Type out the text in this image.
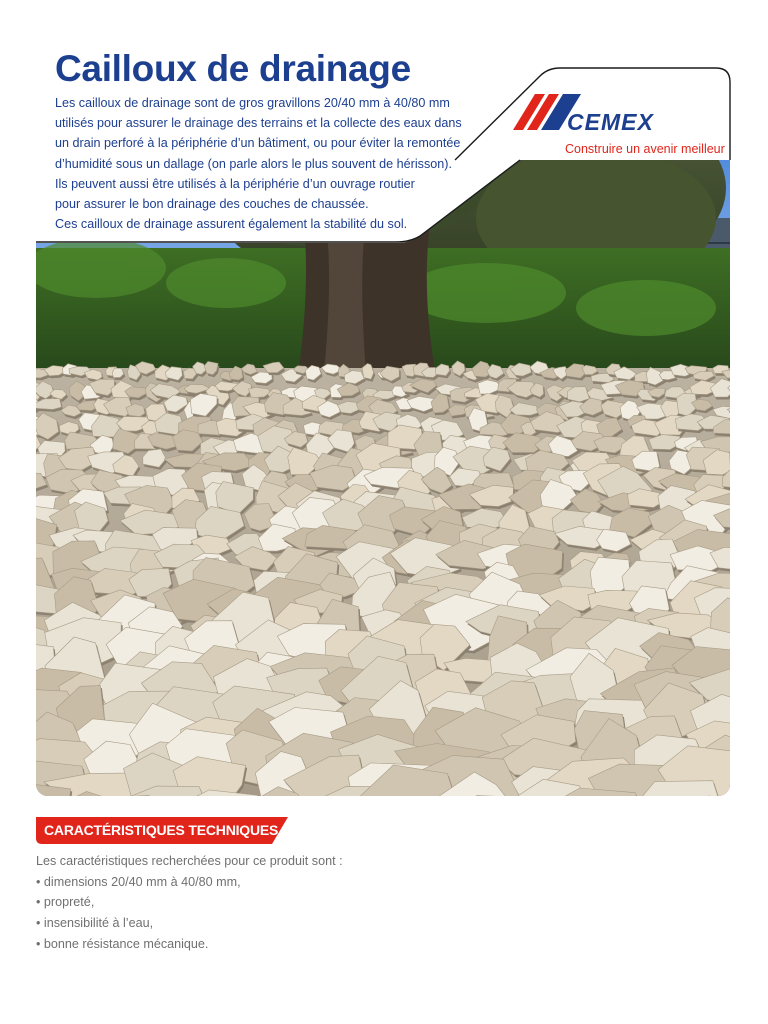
Cailloux de drainage

Les cailloux de drainage sont de gros gravillons 20/40 mm à 40/80 mm

utilisés pour assurer le drainage des terrains et la collecte des eaux dans

un drain perforé à la périphérie d’un bâtiment, ou pour éviter la remontée

d’humidité sous un dallage (on parle alors le plus souvent de hérisson).

Ils peuvent aussi être utilisés à la périphérie d’un ouvrage routier

pour assurer le bon drainage des couches de chaussée.

Ces cailloux de drainage assurent également la stabilité du sol.

CEMEX
Construire un avenir meilleur
CARACTÉRISTIQUES TECHNIQUES

Les caractéristiques recherchées pour ce produit sont :

• dimensions 20/40 mm à 40/80 mm,
• propreté,
• insensibilité à l’eau,
• bonne résistance mécanique.
